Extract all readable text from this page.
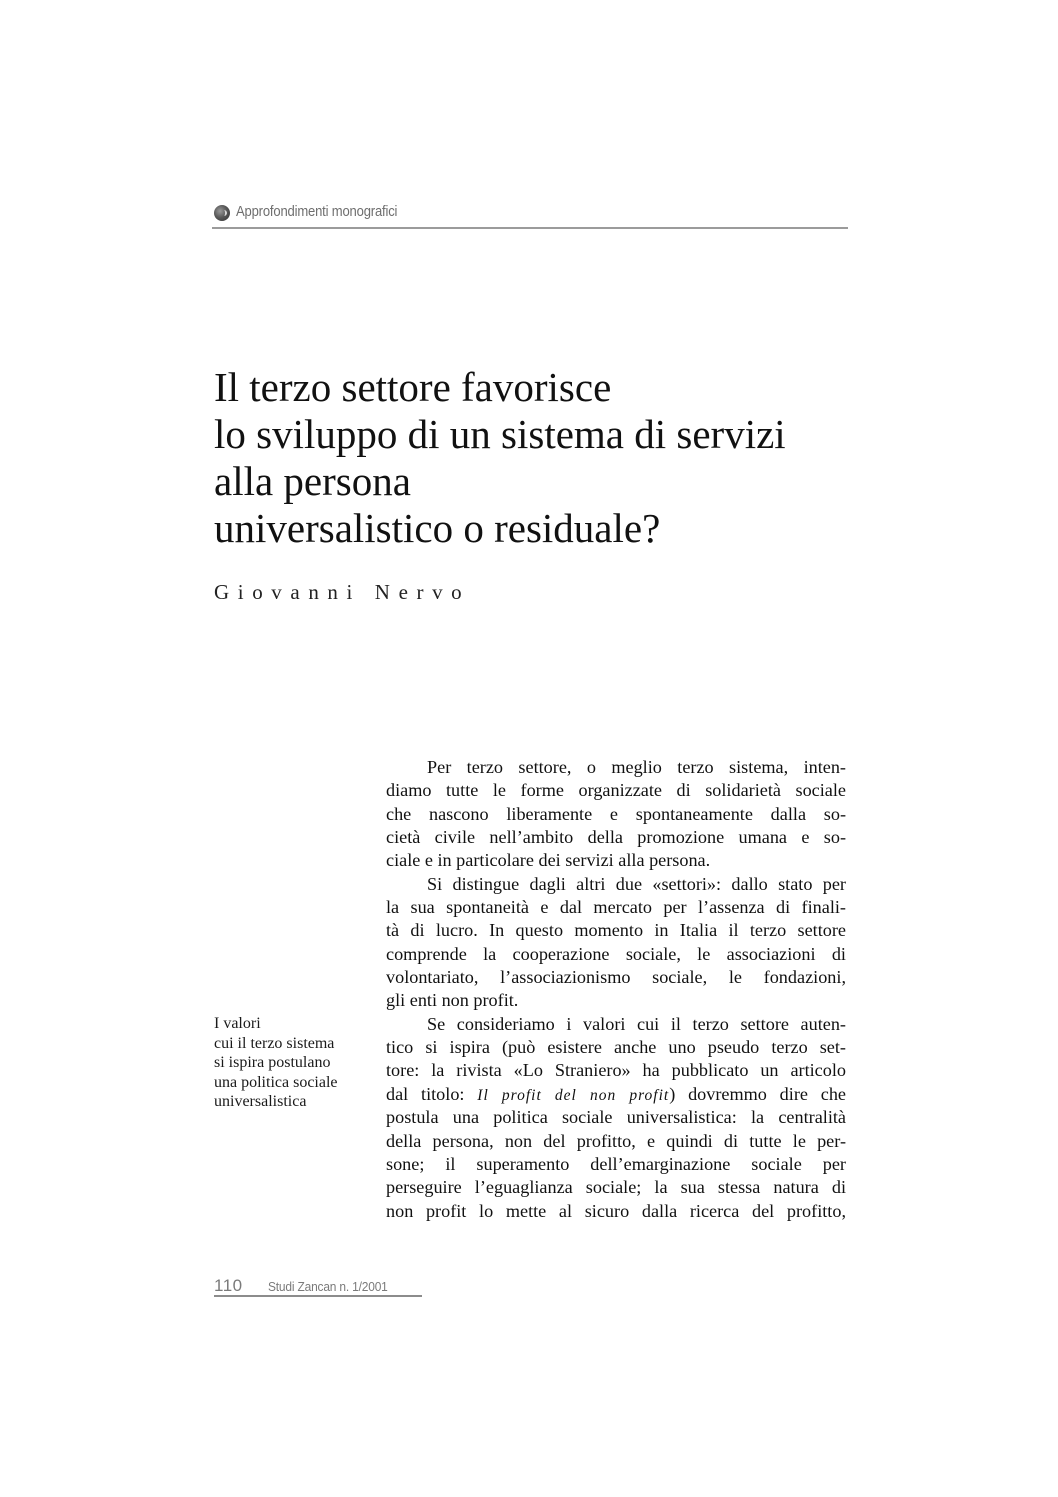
Approfondimenti monografici
Il terzo settore favorisce
lo sviluppo di un sistema di servizi
alla persona
universalistico o residuale?
Giovanni Nervo
I valori
cui il terzo sistema
si ispira postulano
una politica sociale
universalistica
Per terzo settore, o meglio terzo sistema, inten-
diamo tutte le forme organizzate di solidarietà sociale
che nascono liberamente e spontaneamente dalla so-
cietà civile nell’ambito della promozione umana e so-
ciale e in particolare dei servizi alla persona.
Si distingue dagli altri due «settori»: dallo stato per
la sua spontaneità e dal mercato per l’assenza di finali-
tà di lucro. In questo momento in Italia il terzo settore
comprende la cooperazione sociale, le associazioni di
volontariato, l’associazionismo sociale, le fondazioni,
gli enti non profit.
Se consideriamo i valori cui il terzo settore auten-
tico si ispira (può esistere anche uno pseudo terzo set-
tore: la rivista «Lo Straniero» ha pubblicato un articolo
dal titolo: Il profit del non profit) dovremmo dire che
postula una politica sociale universalistica: la centralità
della persona, non del profitto, e quindi di tutte le per-
sone; il superamento dell’emarginazione sociale per
perseguire l’eguaglianza sociale; la sua stessa natura di
non profit lo mette al sicuro dalla ricerca del profitto,
110 Studi Zancan n. 1/2001
